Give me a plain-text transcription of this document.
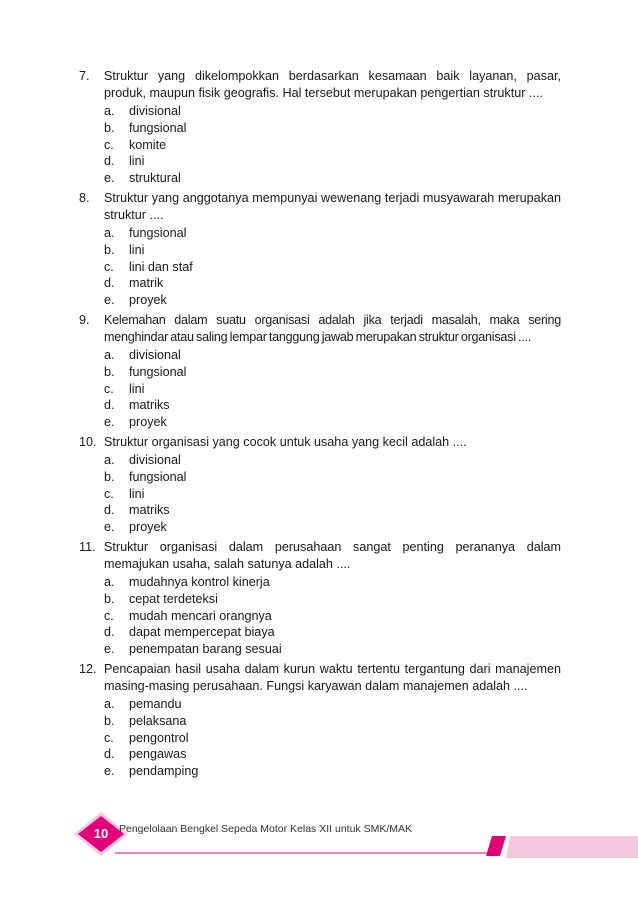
7.	Struktur yang dikelompokkan berdasarkan kesamaan baik layanan, pasar, produk, maupun fisik geografis. Hal tersebut merupakan pengertian struktur ....
a.	divisional
b.	fungsional
c.	komite
d.	lini
e.	struktural
8.	Struktur yang anggotanya mempunyai wewenang terjadi musyawarah merupakan struktur ....
a.	fungsional
b.	lini
c.	lini dan staf
d.	matrik
e.	proyek
9.	Kelemahan dalam suatu organisasi adalah jika terjadi masalah, maka sering menghindar atau saling lempar tanggung jawab merupakan struktur organisasi ....
a.	divisional
b.	fungsional
c.	lini
d.	matriks
e.	proyek
10. Struktur organisasi yang cocok untuk usaha yang kecil adalah ....
a.	divisional
b.	fungsional
c.	lini
d.	matriks
e.	proyek
11. Struktur organisasi dalam perusahaan sangat penting perananya dalam memajukan usaha, salah satunya adalah ....
a.	mudahnya kontrol kinerja
b.	cepat terdeteksi
c.	mudah mencari orangnya
d.	dapat mempercepat biaya
e.	penempatan barang sesuai
12. Pencapaian hasil usaha dalam kurun waktu tertentu tergantung dari manajemen masing-masing perusahaan. Fungsi karyawan dalam manajemen adalah ....
a.	pemandu
b.	pelaksana
c.	pengontrol
d.	pengawas
e.	pendamping
10	Pengelolaan Bengkel Sepeda Motor Kelas XII untuk SMK/MAK
